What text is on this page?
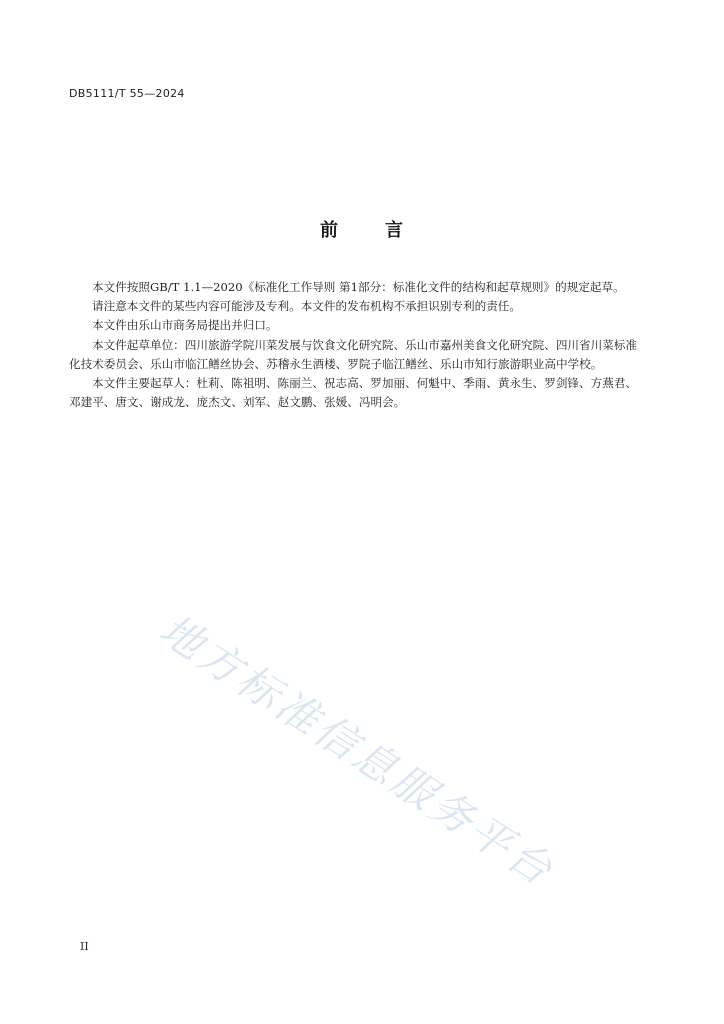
DB5111/T 55—2024
前	言

本文件按照GB/T 1.1—2020《标准化工作导则 第1部分：标准化文件的结构和起草规则》的规定起草。

请注意本文件的某些内容可能涉及专利。本文件的发布机构不承担识别专利的责任。

本文件由乐山市商务局提出并归口。

本文件起草单位：四川旅游学院川菜发展与饮食文化研究院、乐山市嘉州美食文化研究院、四川省川菜标准化技术委员会、乐山市临江鳝丝协会、苏稽永生酒楼、罗院子临江鳝丝、乐山市知行旅游职业高中学校。

本文件主要起草人：杜莉、陈祖明、陈丽兰、祝志高、罗加丽、何魁中、季雨、黄永生、罗剑锋、方燕君、邓建平、唐文、谢成龙、庞杰文、刘军、赵文鹏、张媛、冯明会。

地方标准信息服务平台
II
